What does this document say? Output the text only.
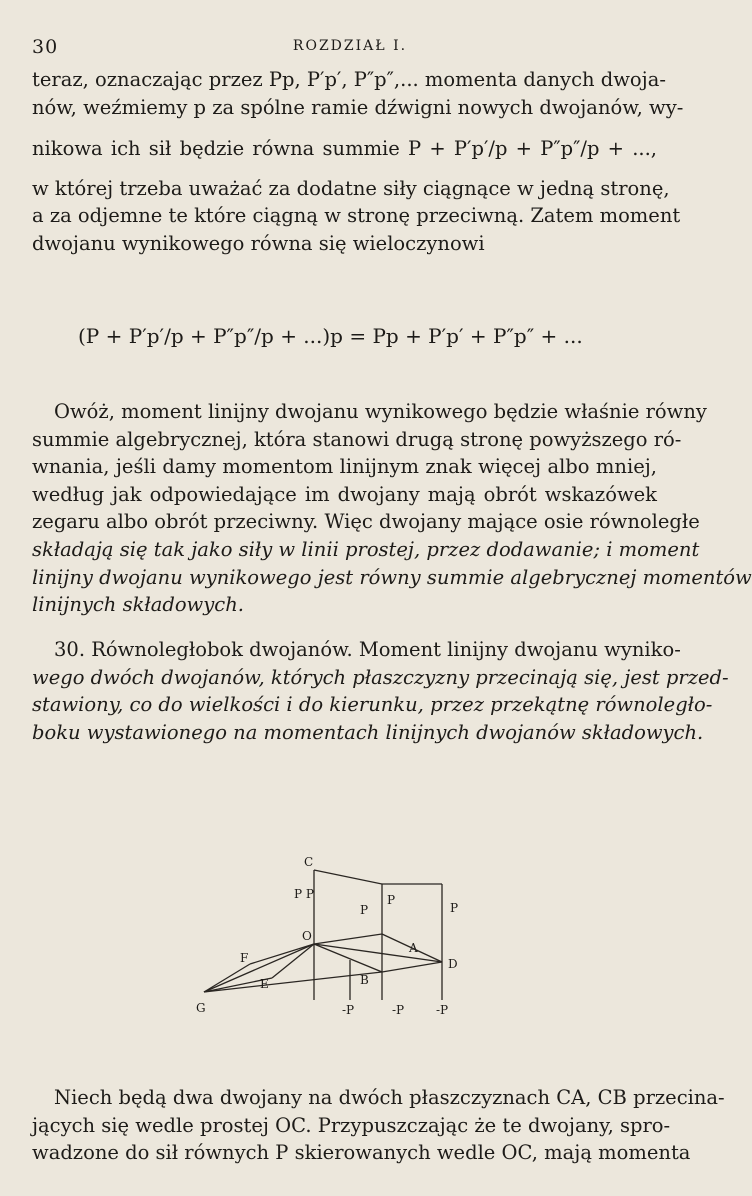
30	ROZDZIAŁ I.
teraz, oznaczając przez Pp, P′p′, P″p″,... momenta danych dwoja-
nów, weźmiemy p za spólne ramie dźwigni nowych dwojanów, wy-
nikowa ich sił będzie równa summie P + P′p′/p + P″p″/p + ...,
w której trzeba uważać za dodatne siły ciągnące w jedną stronę,
a za odjemne te które ciągną w stronę przeciwną. Zatem moment
dwojanu wynikowego równa się wieloczynowi
(P + P′p′/p + P″p″/p + ...)p = Pp + P′p′ + P″p″ + ...
Owóż, moment linijny dwojanu wynikowego będzie właśnie równy
summie algebrycznej, która stanowi drugą stronę powyższego ró-
wnania, jeśli damy momentom linijnym znak więcej albo mniej,
według jak odpowiedające im dwojany mają obrót wskazówek
zegaru albo obrót przeciwny. Więc dwojany mające osie równoległe
składają się tak jako siły w linii prostej, przez dodawanie; i moment
linijny dwojanu wynikowego jest równy summie algebrycznej momentów
linijnych składowych.
30. Równoległobok dwojanów. Moment linijny dwojanu wyniko-
wego dwóch dwojanów, których płaszczyzny przecinają się, jest przed-
stawiony, co do wielkości i do kierunku, przez przekątnę równoległo-
boku wystawionego na momentach linijnych dwojanów składowych.
C
P P
P
P
P
O
A
F
E
G
B
D
-P	-P	-P
Niech będą dwa dwojany na dwóch płaszczyznach CA, CB przecina-
jących się wedle prostej OC. Przypuszczając że te dwojany, spro-
wadzone do sił równych P skierowanych wedle OC, mają momenta
